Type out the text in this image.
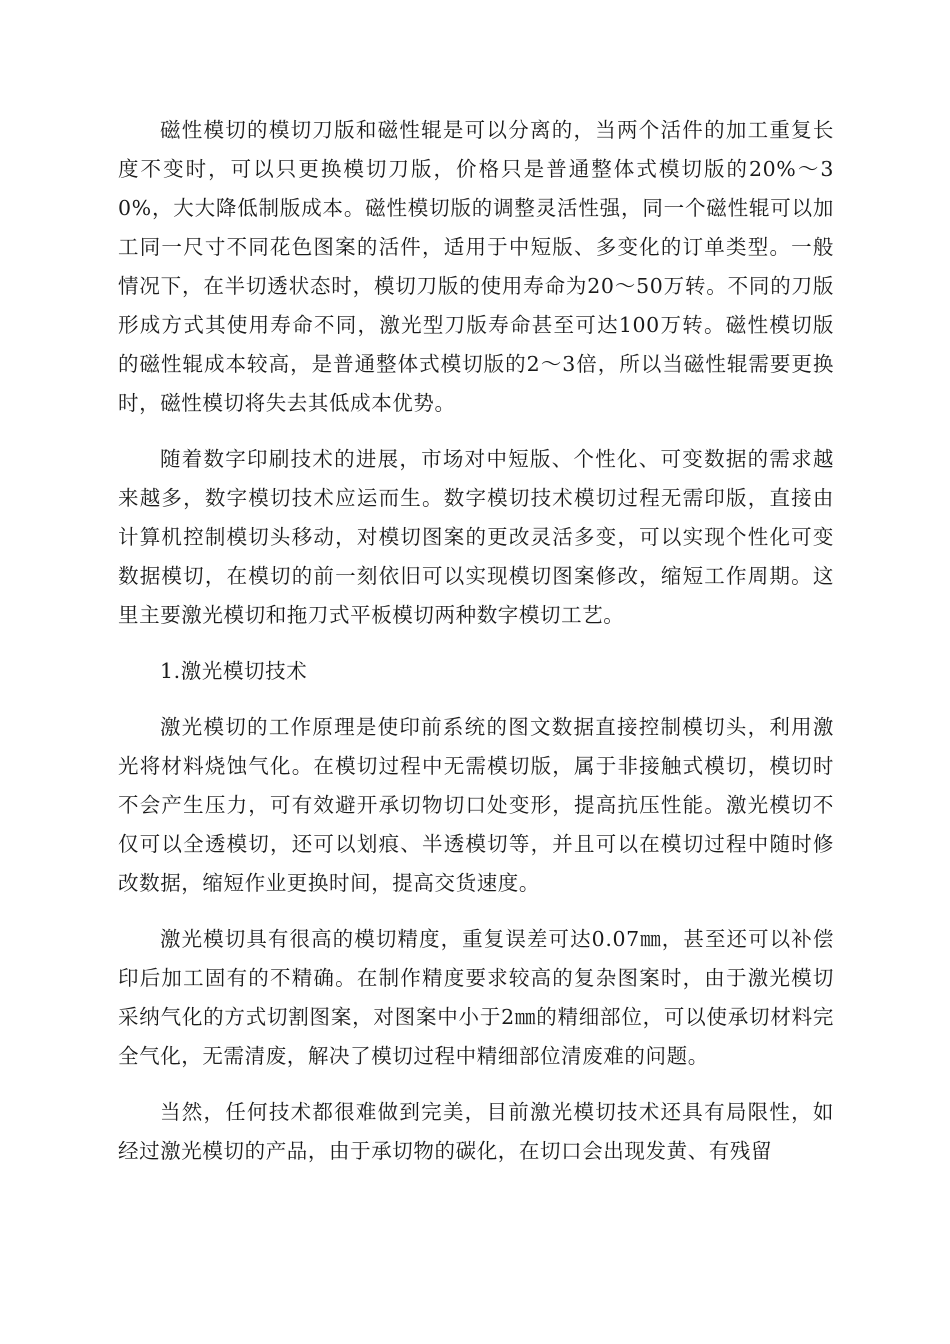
磁性模切的模切刀版和磁性辊是可以分离的，当两个活件的加工重复长度不变时，可以只更换模切刀版，价格只是普通整体式模切版的20%～30%，大大降低制版成本。磁性模切版的调整灵活性强，同一个磁性辊可以加工同一尺寸不同花色图案的活件，适用于中短版、多变化的订单类型。一般情况下，在半切透状态时，模切刀版的使用寿命为20～50万转。不同的刀版形成方式其使用寿命不同，激光型刀版寿命甚至可达100万转。磁性模切版的磁性辊成本较高，是普通整体式模切版的2～3倍，所以当磁性辊需要更换时，磁性模切将失去其低成本优势。

随着数字印刷技术的进展，市场对中短版、个性化、可变数据的需求越来越多，数字模切技术应运而生。数字模切技术模切过程无需印版，直接由计算机控制模切头移动，对模切图案的更改灵活多变，可以实现个性化可变数据模切，在模切的前一刻依旧可以实现模切图案修改，缩短工作周期。这里主要激光模切和拖刀式平板模切两种数字模切工艺。

1.激光模切技术

激光模切的工作原理是使印前系统的图文数据直接控制模切头，利用激光将材料烧蚀气化。在模切过程中无需模切版，属于非接触式模切，模切时不会产生压力，可有效避开承切物切口处变形，提高抗压性能。激光模切不仅可以全透模切，还可以划痕、半透模切等，并且可以在模切过程中随时修改数据，缩短作业更换时间，提高交货速度。

激光模切具有很高的模切精度，重复误差可达0.07㎜，甚至还可以补偿印后加工固有的不精确。在制作精度要求较高的复杂图案时，由于激光模切采纳气化的方式切割图案，对图案中小于2㎜的精细部位，可以使承切材料完全气化，无需清废，解决了模切过程中精细部位清废难的问题。

当然，任何技术都很难做到完美，目前激光模切技术还具有局限性，如经过激光模切的产品，由于承切物的碳化，在切口会出现发黄、有残留
